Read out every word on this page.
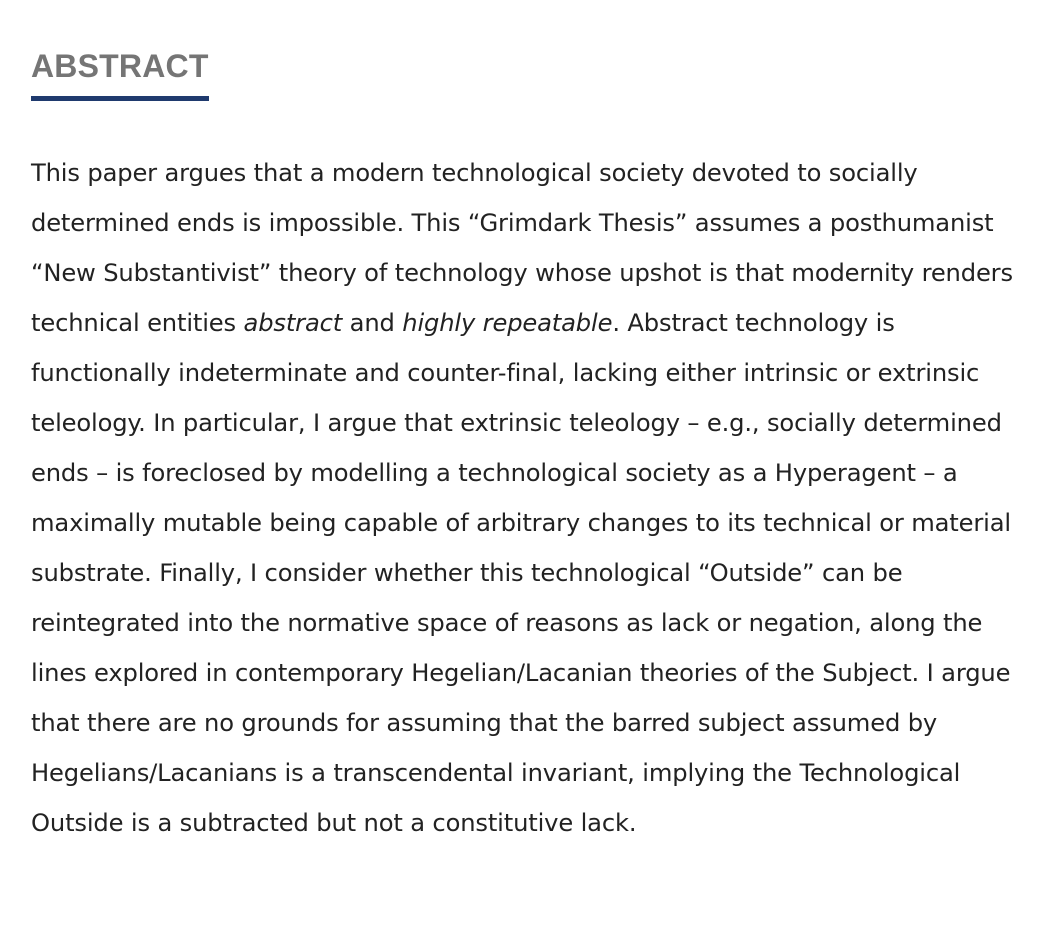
ABSTRACT

This paper argues that a modern technological society devoted to socially determined ends is impossible. This “Grimdark Thesis” assumes a posthumanist “New Substantivist” theory of technology whose upshot is that modernity renders technical entities abstract and highly repeatable. Abstract technology is functionally indeterminate and counter-final, lacking either intrinsic or extrinsic teleology. In particular, I argue that extrinsic teleology – e.g., socially determined ends – is foreclosed by modelling a technological society as a Hyperagent – a maximally mutable being capable of arbitrary changes to its technical or material substrate. Finally, I consider whether this technological “Outside” can be reintegrated into the normative space of reasons as lack or negation, along the lines explored in contemporary Hegelian/Lacanian theories of the Subject. I argue that there are no grounds for assuming that the barred subject assumed by Hegelians/Lacanians is a transcendental invariant, implying the Technological Outside is a subtracted but not a constitutive lack.
